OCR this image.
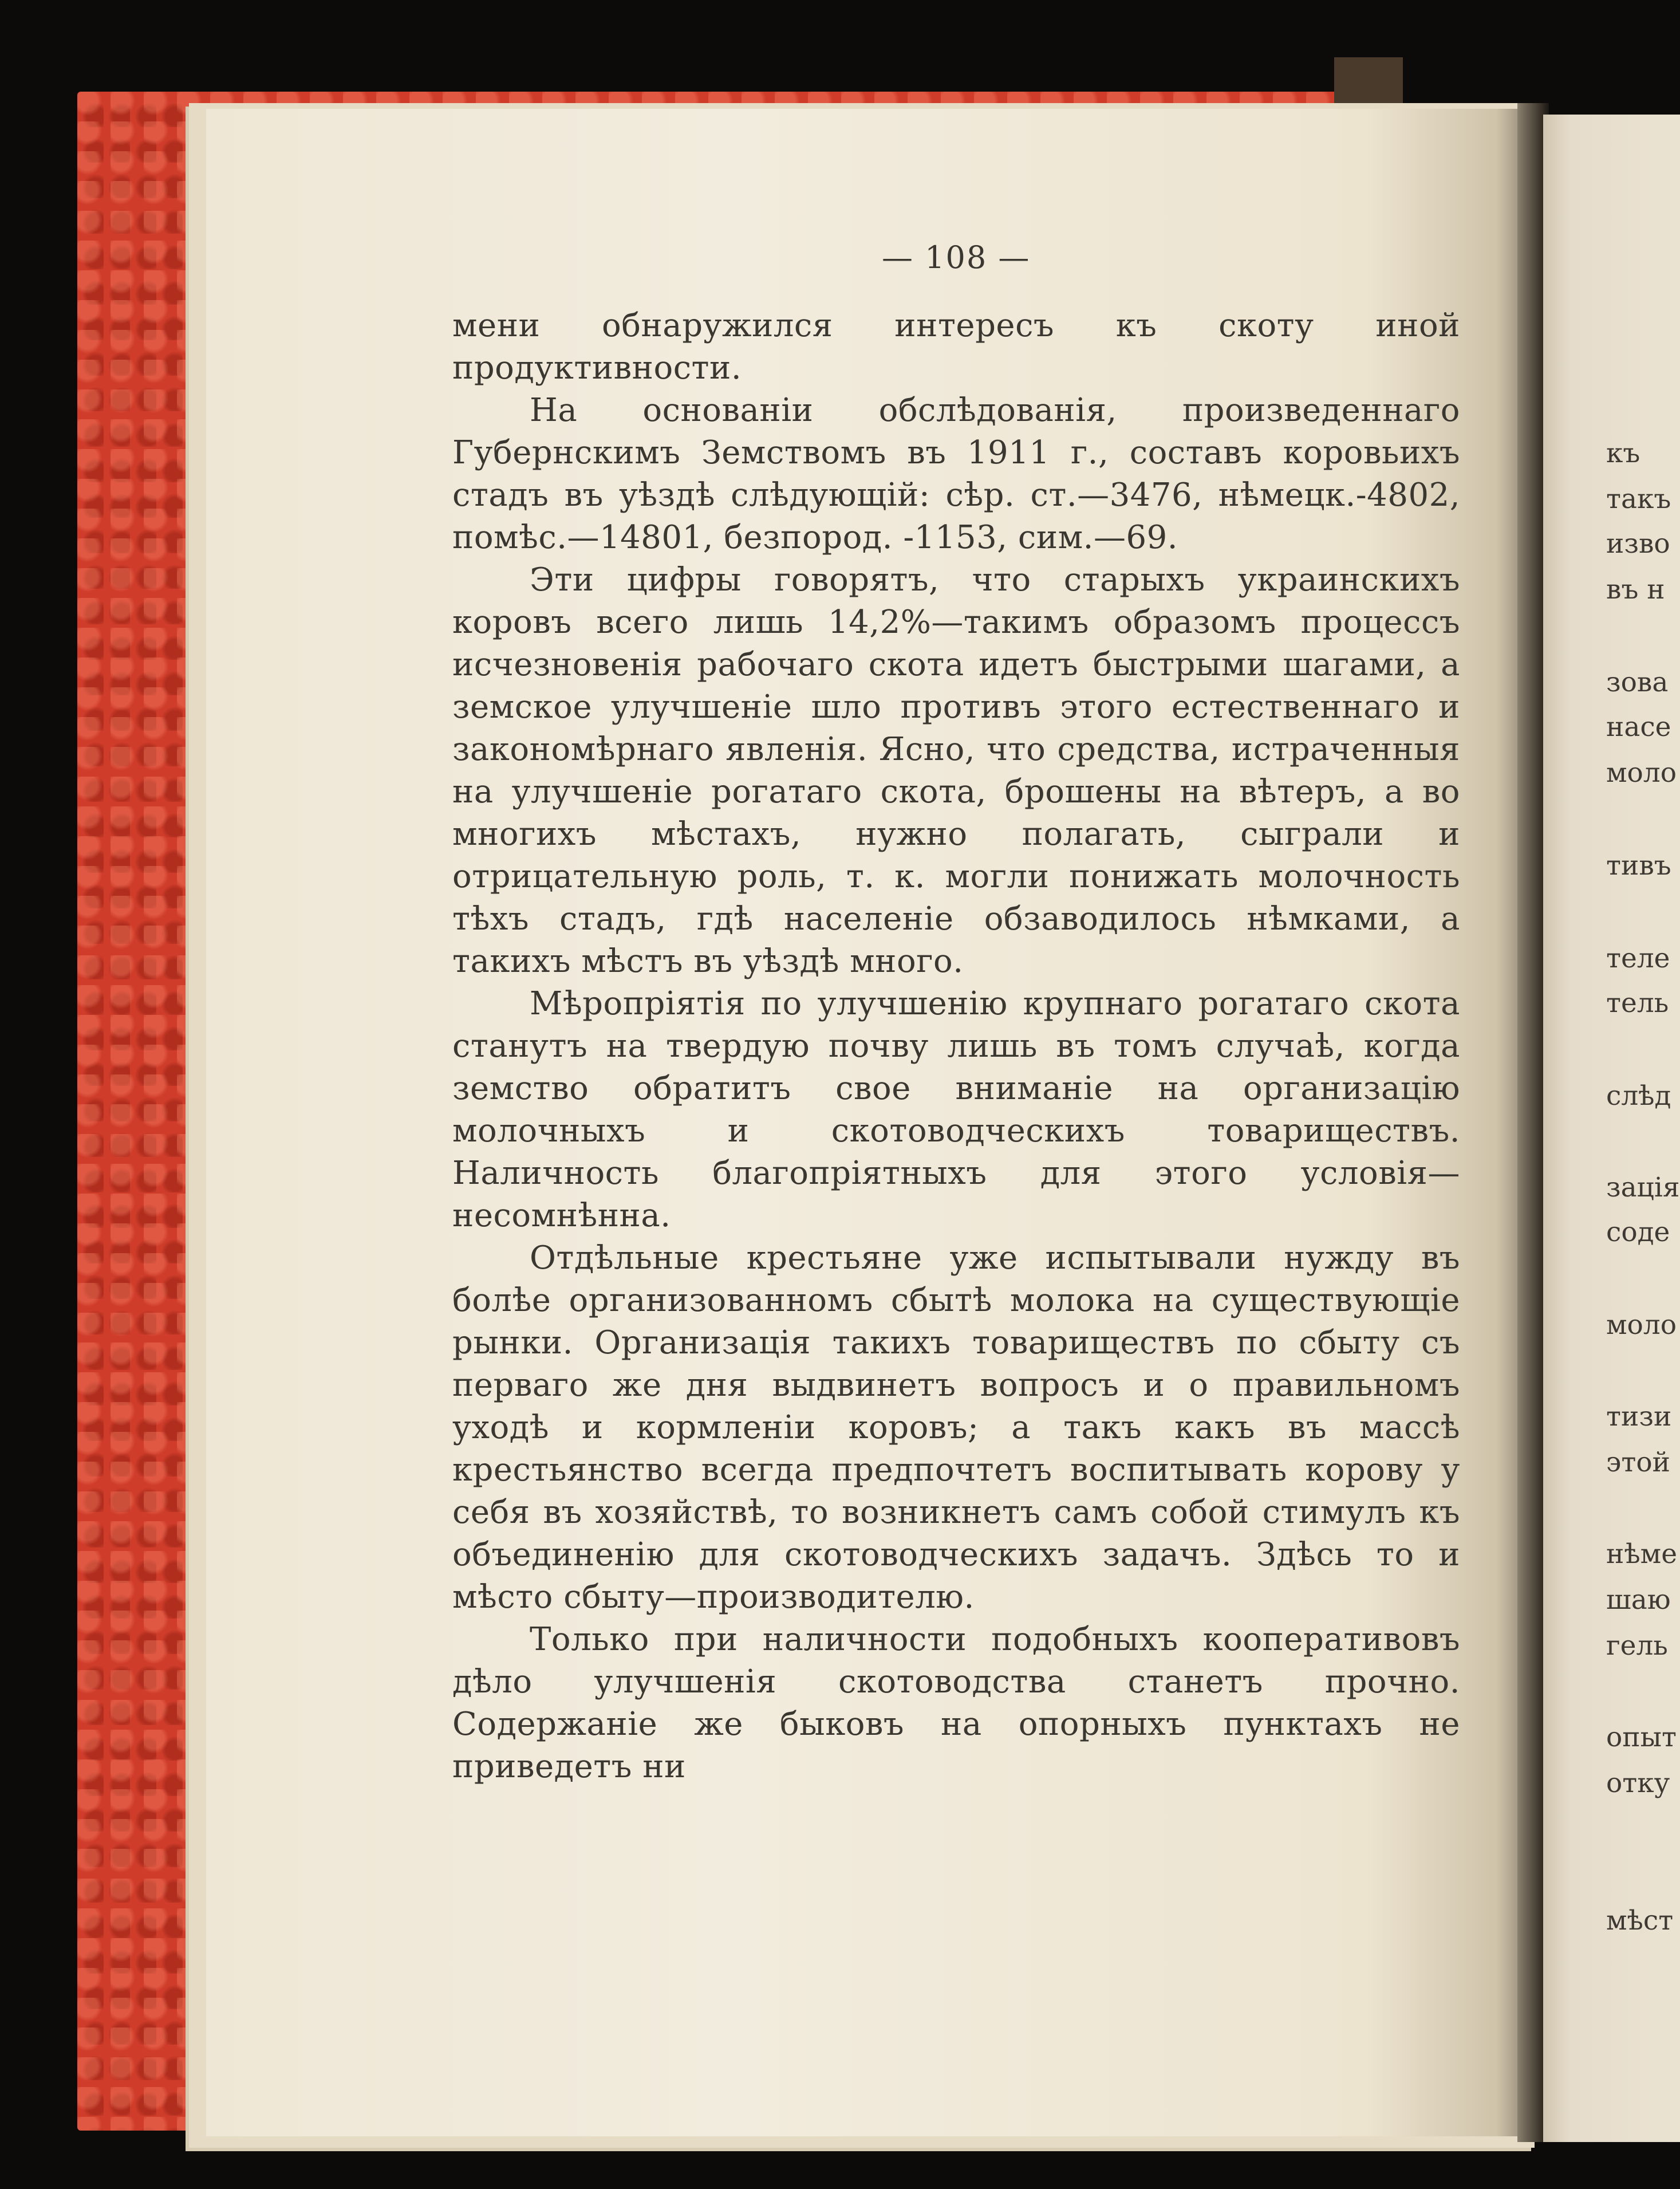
къ
такъ
изво
въ н
зова
насе
моло
тивъ
теле
тель
слѣд
зацiя
соде
моло
тизи
этой
нѣме
шаю
гель
опыт
отку
мѣст
— 108 —

мени обнаружился интересъ къ скоту иной продуктивности.

На основанiи обслѣдованiя, произведеннаго Губернскимъ Земствомъ въ 1911 г., составъ коровьихъ стадъ въ уѣздѣ слѣдующiй: сѣр. ст.—3476, нѣмецк.-4802, помѣс.—14801, безпород. -1153, сим.—69.

Эти цифры говорятъ, что старыхъ украинскихъ коровъ всего лишь 14,2%—такимъ образомъ процессъ исчезновенiя рабочаго скота идетъ быстрыми шагами, а земское улучшенiе шло противъ этого естественнаго и закономѣрнаго явленiя. Ясно, что средства, истраченныя на улучшенiе рогатаго скота, брошены на вѣтеръ, а во многихъ мѣстахъ, нужно полагать, сыграли и отрицательную роль, т. к. могли понижать молочность тѣхъ стадъ, гдѣ населенiе обзаводилось нѣмками, а такихъ мѣстъ въ уѣздѣ много.

Мѣропрiятiя по улучшенiю крупнаго рогатаго скота станутъ на твердую почву лишь въ томъ случаѣ, когда земство обратитъ свое вниманiе на организацiю молочныхъ и скотоводческихъ товариществъ. Наличность благопрiятныхъ для этого условiя—несомнѣнна.

Отдѣльные крестьяне уже испытывали нужду въ болѣе организованномъ сбытѣ молока на существующiе рынки. Организацiя такихъ товариществъ по сбыту съ перваго же дня выдвинетъ вопросъ и о правильномъ уходѣ и кормленiи коровъ; а такъ какъ въ массѣ крестьянство всегда предпочтетъ воспитывать корову у себя въ хозяйствѣ, то возникнетъ самъ собой стимулъ къ объединенiю для скотоводческихъ задачъ. Здѣсь то и мѣсто сбыту—производителю.

Только при наличности подобныхъ кооперативовъ дѣло улучшенiя скотоводства станетъ прочно. Содержанiе же быковъ на опорныхъ пунктахъ не приведетъ ни
